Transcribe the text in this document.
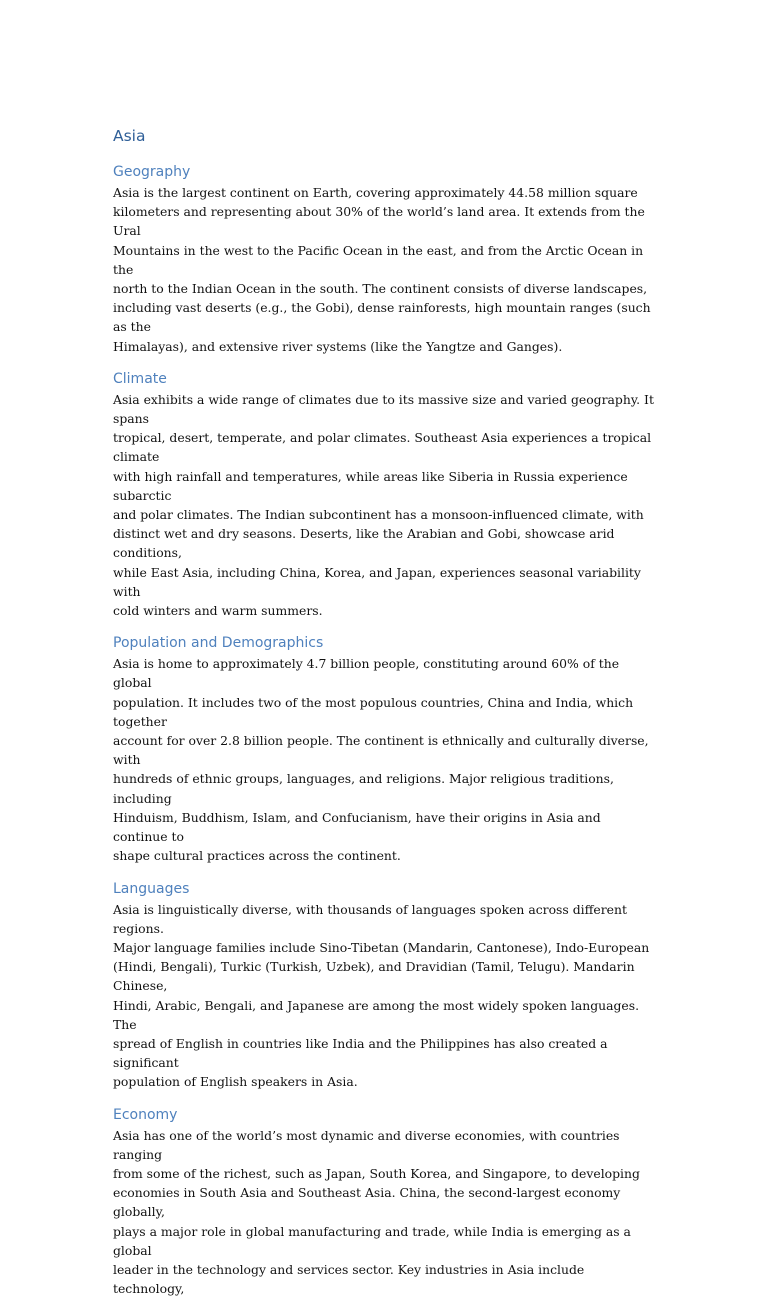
Asia
Geography
Asia is the largest continent on Earth, covering approximately 44.58 million square
kilometers and representing about 30% of the world’s land area. It extends from the Ural
Mountains in the west to the Pacific Ocean in the east, and from the Arctic Ocean in the
north to the Indian Ocean in the south. The continent consists of diverse landscapes,
including vast deserts (e.g., the Gobi), dense rainforests, high mountain ranges (such as the
Himalayas), and extensive river systems (like the Yangtze and Ganges).
Climate
Asia exhibits a wide range of climates due to its massive size and varied geography. It spans
tropical, desert, temperate, and polar climates. Southeast Asia experiences a tropical climate
with high rainfall and temperatures, while areas like Siberia in Russia experience subarctic
and polar climates. The Indian subcontinent has a monsoon-influenced climate, with
distinct wet and dry seasons. Deserts, like the Arabian and Gobi, showcase arid conditions,
while East Asia, including China, Korea, and Japan, experiences seasonal variability with
cold winters and warm summers.
Population and Demographics
Asia is home to approximately 4.7 billion people, constituting around 60% of the global
population. It includes two of the most populous countries, China and India, which together
account for over 2.8 billion people. The continent is ethnically and culturally diverse, with
hundreds of ethnic groups, languages, and religions. Major religious traditions, including
Hinduism, Buddhism, Islam, and Confucianism, have their origins in Asia and continue to
shape cultural practices across the continent.
Languages
Asia is linguistically diverse, with thousands of languages spoken across different regions.
Major language families include Sino-Tibetan (Mandarin, Cantonese), Indo-European
(Hindi, Bengali), Turkic (Turkish, Uzbek), and Dravidian (Tamil, Telugu). Mandarin Chinese,
Hindi, Arabic, Bengali, and Japanese are among the most widely spoken languages. The
spread of English in countries like India and the Philippines has also created a significant
population of English speakers in Asia.
Economy
Asia has one of the world’s most dynamic and diverse economies, with countries ranging
from some of the richest, such as Japan, South Korea, and Singapore, to developing
economies in South Asia and Southeast Asia. China, the second-largest economy globally,
plays a major role in global manufacturing and trade, while India is emerging as a global
leader in the technology and services sector. Key industries in Asia include technology,
